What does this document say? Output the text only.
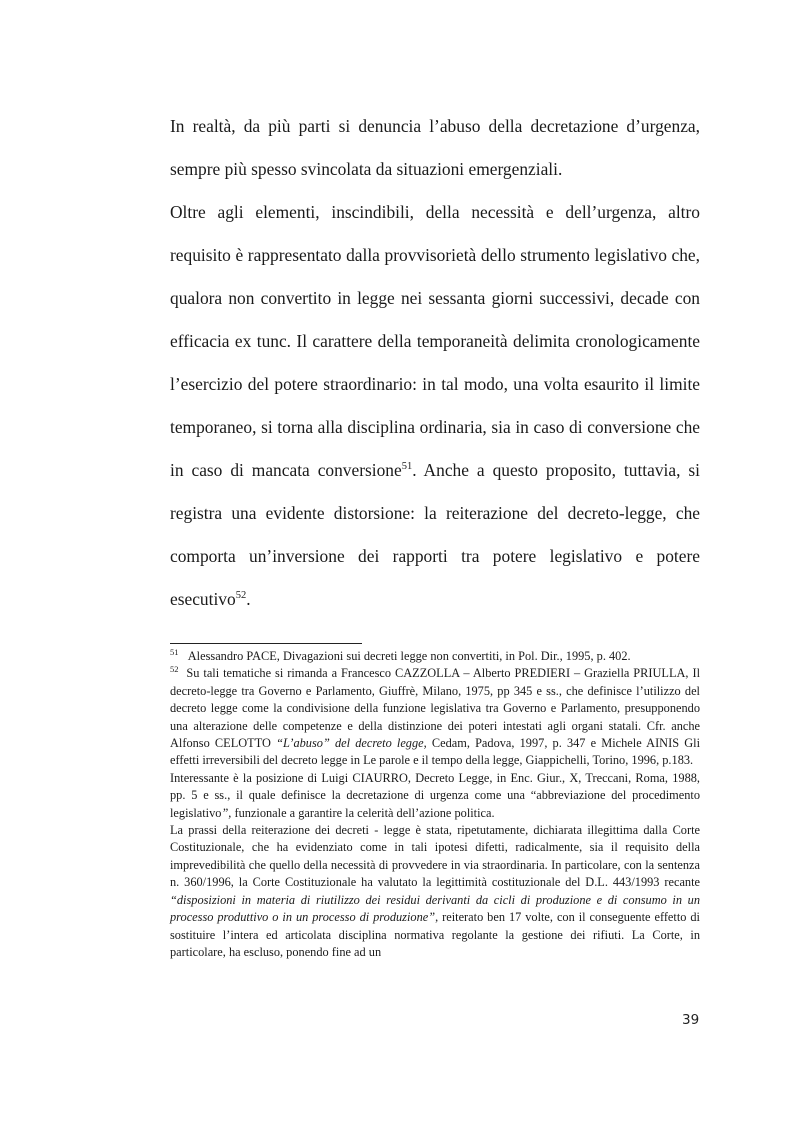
In realtà, da più parti si denuncia l’abuso della decretazione d’urgenza, sempre più spesso svincolata da situazioni emergenziali.

Oltre agli elementi, inscindibili, della necessità e dell’urgenza, altro requisito è rappresentato dalla provvisorietà dello strumento legislativo che, qualora non convertito in legge nei sessanta giorni successivi, decade con efficacia ex tunc. Il carattere della temporaneità delimita cronologicamente l’esercizio del potere straordinario: in tal modo, una volta esaurito il limite temporaneo, si torna alla disciplina ordinaria, sia in caso di conversione che in caso di mancata conversione$^{51}$. Anche a questo proposito, tuttavia, si registra una evidente distorsione: la reiterazione del decreto-legge, che comporta un’inversione dei rapporti tra potere legislativo e potere esecutivo$^{52}$.

$^{51}$ Alessandro PACE, Divagazioni sui decreti legge non convertiti, in Pol. Dir., 1995, p. 402.

$^{52}$ Su tali tematiche si rimanda a Francesco CAZZOLLA – Alberto PREDIERI – Graziella PRIULLA, Il decreto-legge tra Governo e Parlamento, Giuffrè, Milano, 1975, pp 345 e ss., che definisce l’utilizzo del decreto legge come la condivisione della funzione legislativa tra Governo e Parlamento, presupponendo una alterazione delle competenze e della distinzione dei poteri intestati agli organi statali. Cfr. anche Alfonso CELOTTO “L’abuso” del decreto legge, Cedam, Padova, 1997, p. 347 e Michele AINIS Gli effetti irreversibili del decreto legge in Le parole e il tempo della legge, Giappichelli, Torino, 1996, p.183.

Interessante è la posizione di Luigi CIAURRO, Decreto Legge, in Enc. Giur., X, Treccani, Roma, 1988, pp. 5 e ss., il quale definisce la decretazione di urgenza come una “abbreviazione del procedimento legislativo”, funzionale a garantire la celerità dell’azione politica.

La prassi della reiterazione dei decreti - legge è stata, ripetutamente, dichiarata illegittima dalla Corte Costituzionale, che ha evidenziato come in tali ipotesi difetti, radicalmente, sia il requisito della imprevedibilità che quello della necessità di provvedere in via straordinaria. In particolare, con la sentenza n. 360/1996, la Corte Costituzionale ha valutato la legittimità costituzionale del D.L. 443/1993 recante “disposizioni in materia di riutilizzo dei residui derivanti da cicli di produzione e di consumo in un processo produttivo o in un processo di produzione”, reiterato ben 17 volte, con il conseguente effetto di sostituire l’intera ed articolata disciplina normativa regolante la gestione dei rifiuti. La Corte, in particolare, ha escluso, ponendo fine ad un

39
